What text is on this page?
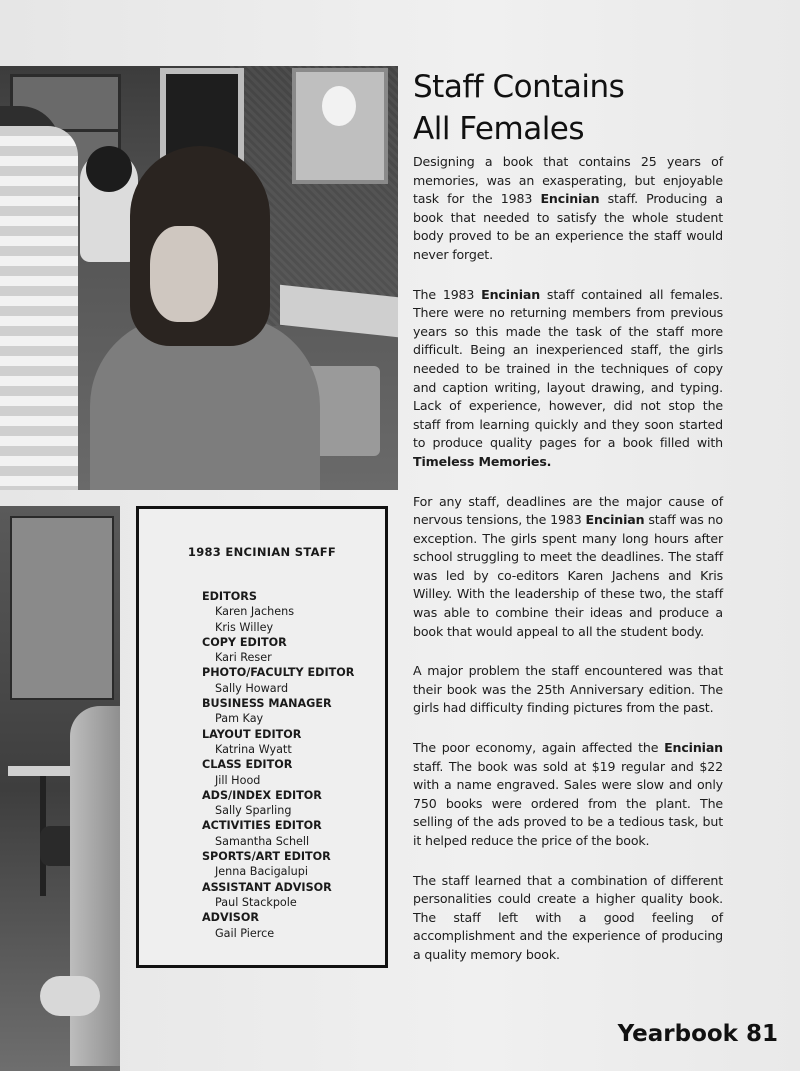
Staff Contains
All Females

Designing a book that contains 25 years of memories, was an exasperating, but enjoyable task for the 1983 Encinian staff. Producing a book that needed to satisfy the whole student body proved to be an experience the staff would never forget.

The 1983 Encinian staff contained all females. There were no returning members from previous years so this made the task of the staff more difficult. Being an inexperienced staff, the girls needed to be trained in the techniques of copy and caption writing, layout drawing, and typing. Lack of experience, however, did not stop the staff from learning quickly and they soon started to produce quality pages for a book filled with Timeless Memories.

For any staff, deadlines are the major cause of nervous tensions, the 1983 Encinian staff was no exception. The girls spent many long hours after school struggling to meet the deadlines. The staff was led by co-editors Karen Jachens and Kris Willey. With the leadership of these two, the staff was able to combine their ideas and produce a book that would appeal to all the student body.

A major problem the staff encountered was that their book was the 25th Anniversary edition. The girls had difficulty finding pictures from the past.

The poor economy, again affected the Encinian staff. The book was sold at $19 regular and $22 with a name engraved. Sales were slow and only 750 books were ordered from the plant. The selling of the ads proved to be a tedious task, but it helped reduce the price of the book.

The staff learned that a combination of different personalities could create a higher quality book. The staff left with a good feeling of accomplishment and the experience of producing a quality memory book.

1983 ENCINIAN STAFF
EDITORS
Karen Jachens
Kris Willey
COPY EDITOR
Kari Reser
PHOTO/FACULTY EDITOR
Sally Howard
BUSINESS MANAGER
Pam Kay
LAYOUT EDITOR
Katrina Wyatt
CLASS EDITOR
Jill Hood
ADS/INDEX EDITOR
Sally Sparling
ACTIVITIES EDITOR
Samantha Schell
SPORTS/ART EDITOR
Jenna Bacigalupi
ASSISTANT ADVISOR
Paul Stackpole
ADVISOR
Gail Pierce

Yearbook 81
